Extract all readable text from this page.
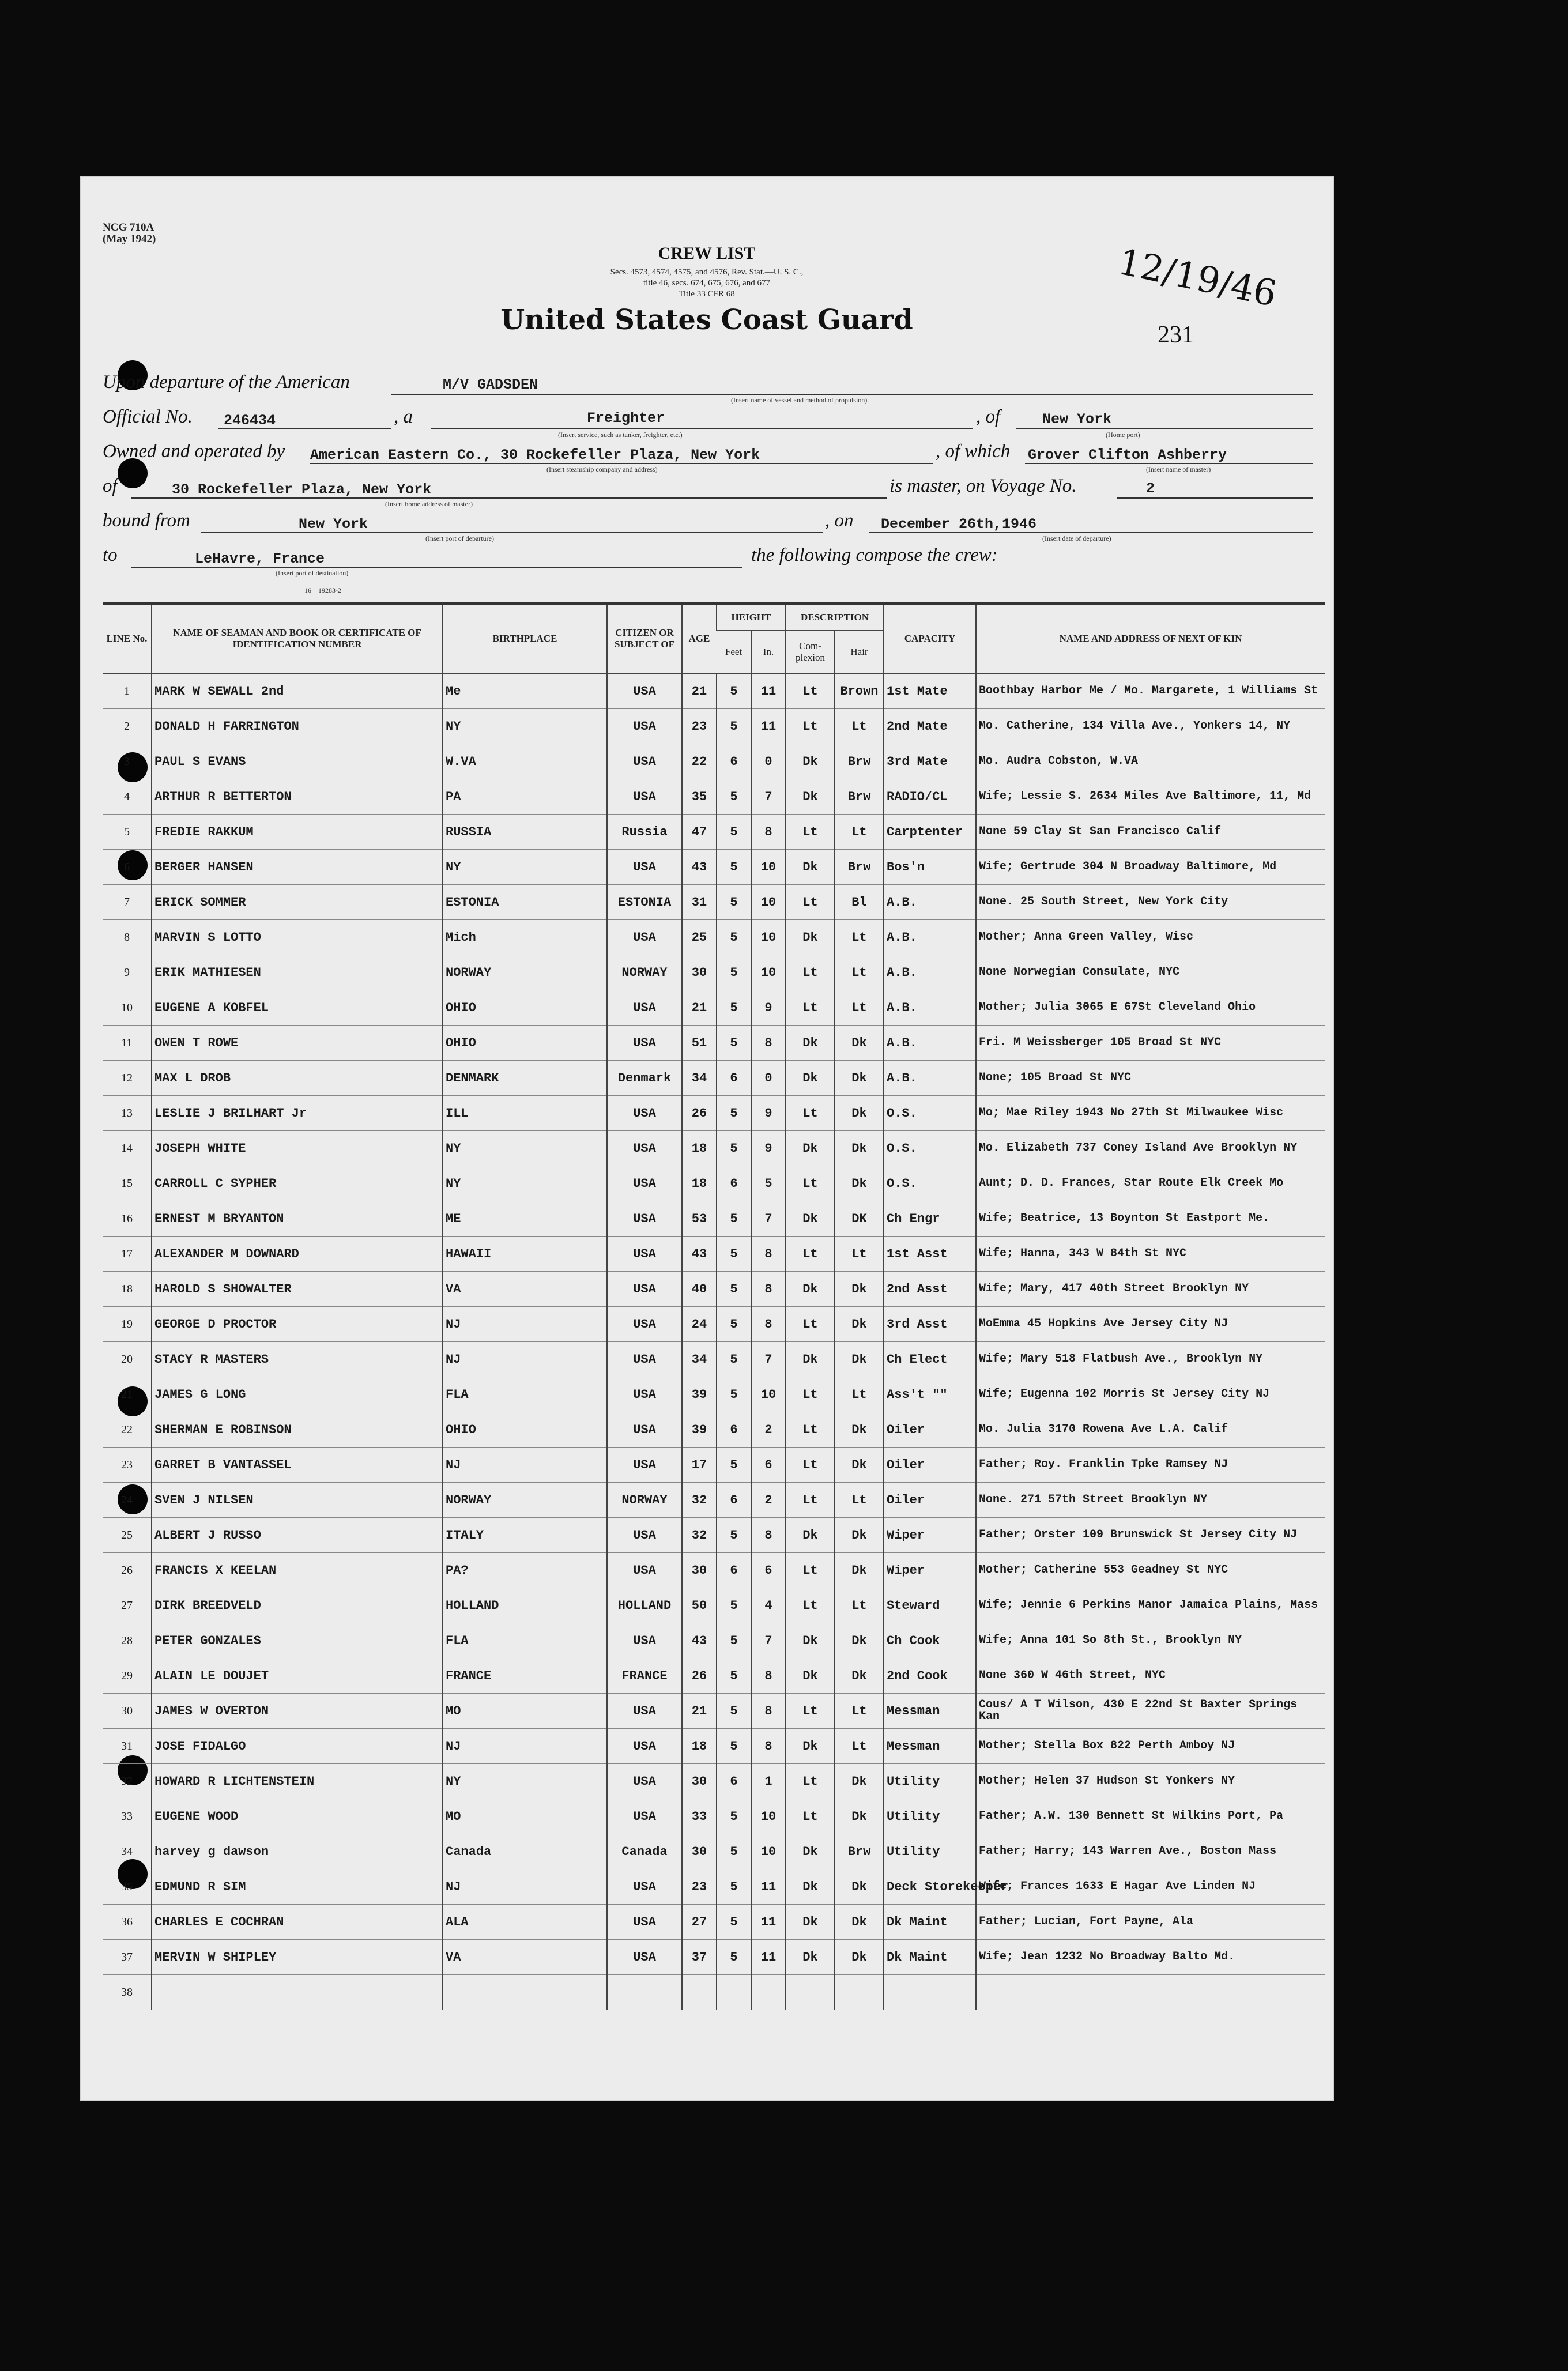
NCG 710A
(May 1942)
CREW LIST
Secs. 4573, 4574, 4575, and 4576, Rev. Stat.—U. S. C.,
title 46, secs. 674, 675, 676, and 677
Title 33 CFR 68
United States Coast Guard
12/19/46
231
Upon departure of the American	M/V GADSDEN
(Insert name of vessel and method of propulsion)
Official No. 246434	, a	Freighter
(Insert service, such as tanker, freighter, etc.)
, of	New York
(Home port)
Owned and operated by American Eastern Co., 30 Rockefeller Plaza, New York
(Insert steamship company and address)
, of which Grover Clifton Ashberry
(Insert name of master)
of	30 Rockefeller Plaza, New York
(Insert home address of master)
is master, on Voyage No.	2
bound from	New York
(Insert port of departure)
, on December 26th,1946
(Insert date of departure)
to	LeHavre, France
(Insert port of destination)
the following compose the crew:
16—19283-2
LINE No.	NAME OF SEAMAN AND BOOK OR CERTIFICATE OF IDENTIFICATION NUMBER	BIRTHPLACE	CITIZEN OR SUBJECT OF	AGE	HEIGHT		DESCRIPTION		CAPACITY	NAME AND ADDRESS OF NEXT OF KIN
					Feet	In.	Com-plexion	Hair		
1	MARK W SEWALL 2nd	Me	USA	21	5	11	Lt	Brown	1st Mate	Boothbay Harbor Me / Mo. Margarete, 1 Williams St
2	DONALD H FARRINGTON	NY	USA	23	5	11	Lt	Lt	2nd Mate	Mo. Catherine, 134 Villa Ave., Yonkers 14, NY
3	PAUL S EVANS	W.VA	USA	22	6	0	Dk	Brw	3rd Mate	Mo. Audra Cobston, W.VA
4	ARTHUR R BETTERTON	PA	USA	35	5	7	Dk	Brw	RADIO/CL	Wife; Lessie S. 2634 Miles Ave Baltimore, 11, Md
5	FREDIE RAKKUM	RUSSIA	Russia	47	5	8	Lt	Lt	Carptenter	None 59 Clay St San Francisco Calif
6	BERGER HANSEN	NY	USA	43	5	10	Dk	Brw	Bos'n	Wife; Gertrude 304 N Broadway Baltimore, Md
7	ERICK SOMMER	ESTONIA	ESTONIA	31	5	10	Lt	Bl	A.B.	None. 25 South Street, New York City
8	MARVIN S LOTTO	Mich	USA	25	5	10	Dk	Lt	A.B.	Mother; Anna Green Valley, Wisc
9	ERIK MATHIESEN	NORWAY	NORWAY	30	5	10	Lt	Lt	A.B.	None Norwegian Consulate, NYC
10	EUGENE A KOBFEL	OHIO	USA	21	5	9	Lt	Lt	A.B.	Mother; Julia 3065 E 67St Cleveland Ohio
11	OWEN T ROWE	OHIO	USA	51	5	8	Dk	Dk	A.B.	Fri. M Weissberger 105 Broad St NYC
12	MAX L DROB	DENMARK	Denmark	34	6	0	Dk	Dk	A.B.	None; 105 Broad St NYC
13	LESLIE J BRILHART Jr	ILL	USA	26	5	9	Lt	Dk	O.S.	Mo; Mae Riley 1943 No 27th St Milwaukee Wisc
14	JOSEPH WHITE	NY	USA	18	5	9	Dk	Dk	O.S.	Mo. Elizabeth 737 Coney Island Ave Brooklyn NY
15	CARROLL C SYPHER	NY	USA	18	6	5	Lt	Dk	O.S.	Aunt; D. D. Frances, Star Route Elk Creek Mo
16	ERNEST M BRYANTON	ME	USA	53	5	7	Dk	DK	Ch Engr	Wife; Beatrice, 13 Boynton St Eastport Me.
17	ALEXANDER M DOWNARD	HAWAII	USA	43	5	8	Lt	Lt	1st Asst	Wife; Hanna, 343 W 84th St NYC
18	HAROLD S SHOWALTER	VA	USA	40	5	8	Dk	Dk	2nd Asst	Wife; Mary, 417 40th Street Brooklyn NY
19	GEORGE D PROCTOR	NJ	USA	24	5	8	Lt	Dk	3rd Asst	MoEmma 45 Hopkins Ave Jersey City NJ
20	STACY R MASTERS	NJ	USA	34	5	7	Dk	Dk	Ch Elect	Wife; Mary 518 Flatbush Ave., Brooklyn NY
21	JAMES G LONG	FLA	USA	39	5	10	Lt	Lt	Ass't ""	Wife; Eugenna 102 Morris St Jersey City NJ
22	SHERMAN E ROBINSON	OHIO	USA	39	6	2	Lt	Dk	Oiler	Mo. Julia 3170 Rowena Ave L.A. Calif
23	GARRET B VANTASSEL	NJ	USA	17	5	6	Lt	Dk	Oiler	Father; Roy. Franklin Tpke Ramsey NJ
24	SVEN J NILSEN	NORWAY	NORWAY	32	6	2	Lt	Lt	Oiler	None. 271 57th Street Brooklyn NY
25	ALBERT J RUSSO	ITALY	USA	32	5	8	Dk	Dk	Wiper	Father; Orster 109 Brunswick St Jersey City NJ
26	FRANCIS X KEELAN	PA?	USA	30	6	6	Lt	Dk	Wiper	Mother; Catherine 553 Geadney St NYC
27	DIRK BREEDVELD	HOLLAND	HOLLAND	50	5	4	Lt	Lt	Steward	Wife; Jennie 6 Perkins Manor Jamaica Plains, Mass
28	PETER GONZALES	FLA	USA	43	5	7	Dk	Dk	Ch Cook	Wife; Anna 101 So 8th St., Brooklyn NY
29	ALAIN LE DOUJET	FRANCE	FRANCE	26	5	8	Dk	Dk	2nd Cook	None 360 W 46th Street, NYC
30	JAMES W OVERTON	MO	USA	21	5	8	Lt	Lt	Messman	Cous/ A T Wilson, 430 E 22nd St Baxter Springs Kan
31	JOSE FIDALGO	NJ	USA	18	5	8	Dk	Lt	Messman	Mother; Stella Box 822 Perth Amboy NJ
32	HOWARD R LICHTENSTEIN	NY	USA	30	6	1	Lt	Dk	Utility	Mother; Helen 37 Hudson St Yonkers NY
33	EUGENE WOOD	MO	USA	33	5	10	Lt	Dk	Utility	Father; A.W. 130 Bennett St Wilkins Port, Pa
34	harvey g dawson	Canada	Canada	30	5	10	Dk	Brw	Utility	Father; Harry; 143 Warren Ave., Boston Mass
35	EDMUND R SIM	NJ	USA	23	5	11	Dk	Dk	Deck Storekeeper	Wife; Frances 1633 E Hagar Ave Linden NJ
36	CHARLES E COCHRAN	ALA	USA	27	5	11	Dk	Dk	Dk Maint	Father; Lucian, Fort Payne, Ala
37	MERVIN W SHIPLEY	VA	USA	37	5	11	Dk	Dk	Dk Maint	Wife; Jean 1232 No Broadway Balto Md.
38										
